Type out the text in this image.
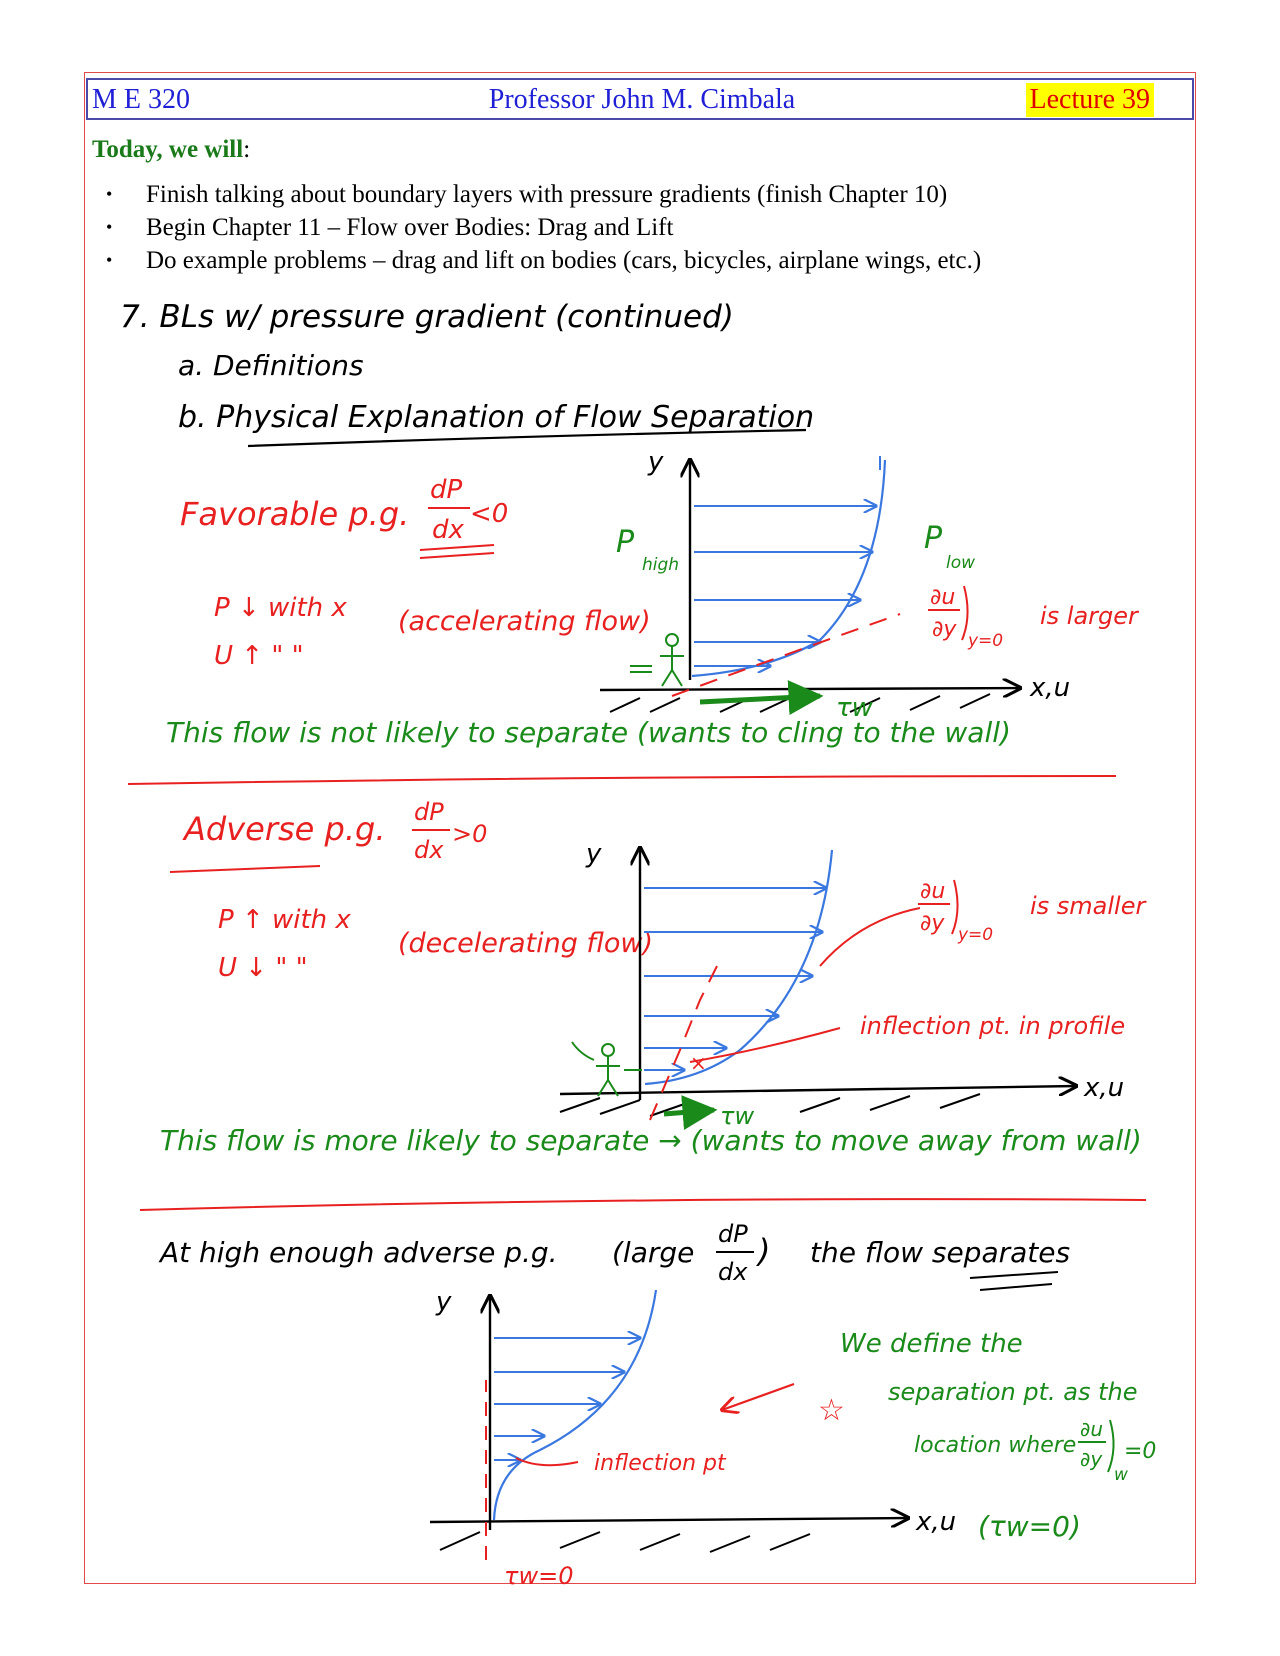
M E 320	Professor John M. Cimbala	Lecture 39
Today, we will:
• Finish talking about boundary layers with pressure gradients (finish Chapter 10)
• Begin Chapter 11 – Flow over Bodies: Drag and Lift
• Do example problems – drag and lift on bodies (cars, bicycles, airplane wings, etc.)
7. BLs w/ pressure gradient (continued)
a. Definitions
b. Physical Explanation of Flow Separation
Favorable p.g.
dP
dx
<0
P ↓ with x
U ↑ " "
(accelerating flow)
y
x,u
P
high
P
low
∂u
∂y y=0
is larger
τw
This flow is not likely to separate (wants to cling to the wall)
Adverse p.g. dP
dx
>0
P ↑ with x
U ↓ " "
(decelerating flow)
y
x,u
×
∂u
∂y y=0
is smaller
inflection pt. in profile
τw
This flow is more likely to separate → (wants to move away from wall)
At high enough adverse p.g. (large
dP
dx
) the flow separates
y
x,u
inflection pt
τw=0
☆
We define the
separation pt. as the
location where
∂u
∂y
w
=0
(τw=0)
